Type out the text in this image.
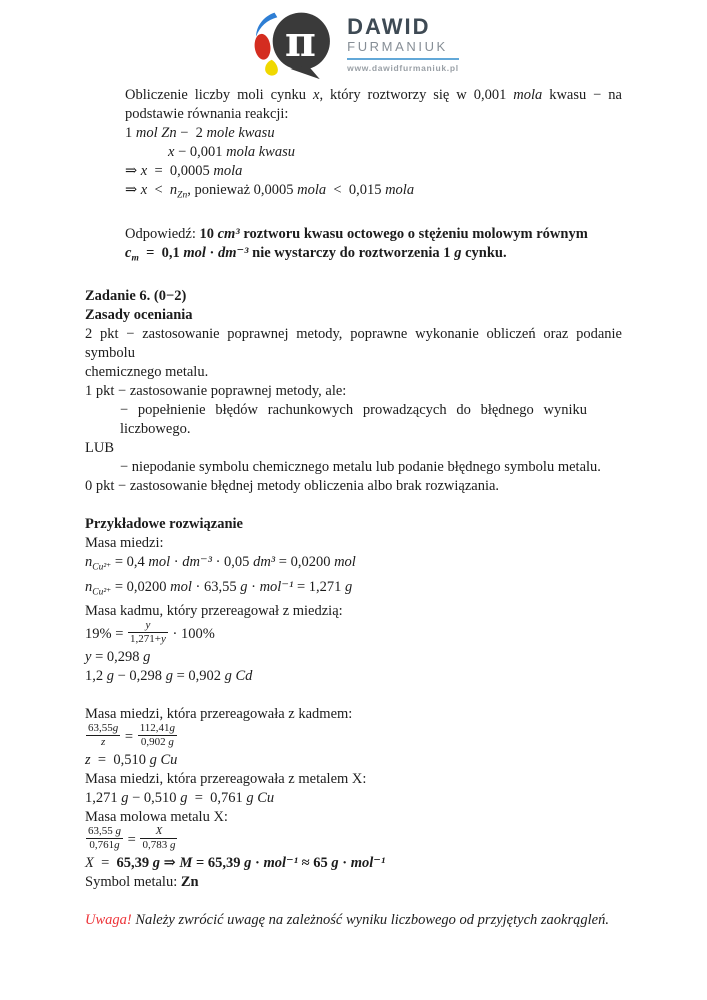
π DAWID
FURMANIUK
www.dawidfurmaniuk.pl
Obliczenie liczby moli cynku x, który roztworzy się w 0,001 mola kwasu − na
podstawie równania reakcji:
1 mol Zn − 2 mole kwasu
x − 0,001 mola kwasu
⇒ x = 0,0005 mola
⇒ x < $n_{Zn}$, ponieważ 0,0005 mola < 0,015 mola
Odpowiedź: 10 cm³ roztworu kwasu octowego o stężeniu molowym równym
$c_m$ = 0,1 mol · dm⁻³ nie wystarczy do roztworzenia 1 g cynku.
Zadanie 6. (0−2)
Zasady oceniania
2 pkt − zastosowanie poprawnej metody, poprawne wykonanie obliczeń oraz podanie
symbolu
chemicznego metalu.
1 pkt − zastosowanie poprawnej metody, ale:
− popełnienie błędów rachunkowych prowadzących do błędnego wyniku liczbowego.
LUB
− niepodanie symbolu chemicznego metalu lub podanie błędnego symbolu metalu.
0 pkt − zastosowanie błędnej metody obliczenia albo brak rozwiązania.
Przykładowe rozwiązanie
Masa miedzi:
$n_{Cu^{2+}} = 0,4$ mol · dm⁻³ · 0,05 dm³ = 0,0200 mol
$n_{Cu^{2+}} = 0,0200$ mol · 63,55 g · mol⁻¹ = 1,271 g
Masa kadmu, który przereagował z miedzią:
$19\% = \frac{y}{1,271+y} \cdot 100\%$
y = 0,298 g
1,2 g − 0,298 g = 0,902 g Cd
Masa miedzi, która przereagowała z kadmem:
$\frac{63,55g}{z} = \frac{112,41g}{0,902 g}$
z = 0,510 g Cu
Masa miedzi, która przereagowała z metalem X:
1,271 g − 0,510 g = 0,761 g Cu
Masa molowa metalu X:
$\frac{63,55 g}{0,761g} = \frac{X}{0,783 g}$
X = 65,39 g ⇒ M = 65,39 g · mol⁻¹ ≈ 65 g · mol⁻¹
Symbol metalu: Zn
Uwaga! Należy zwrócić uwagę na zależność wyniku liczbowego od przyjętych zaokrągleń.
